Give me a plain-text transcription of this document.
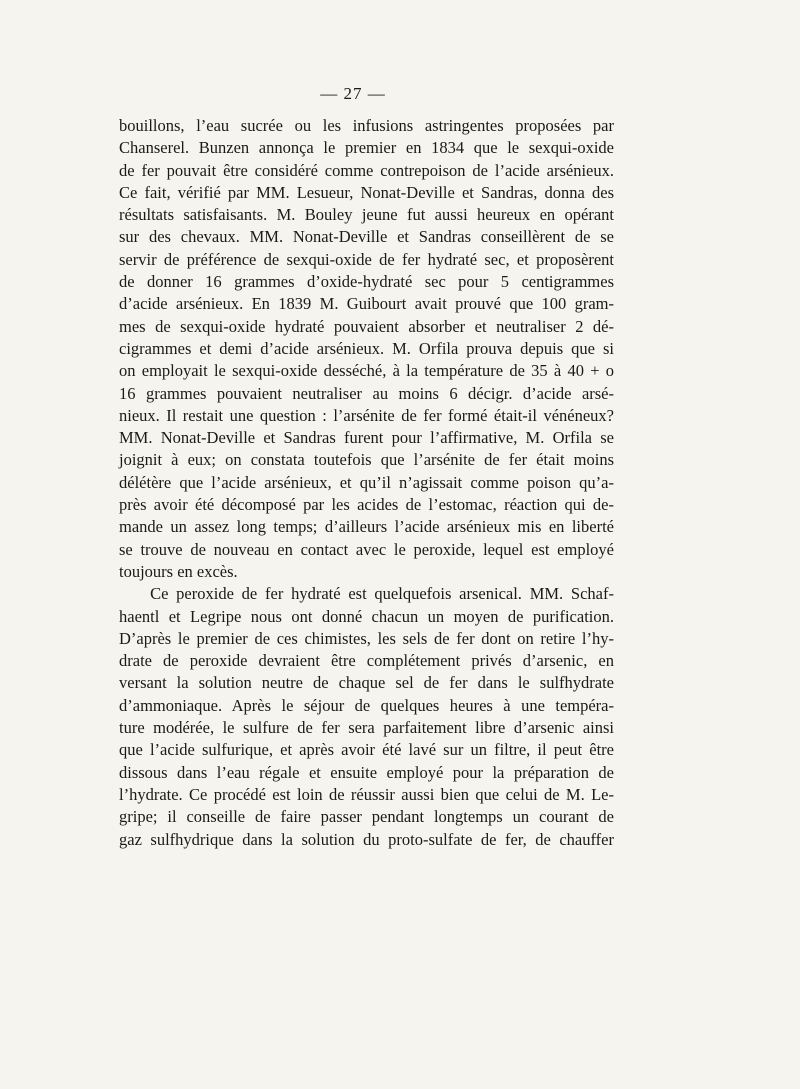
— 27 —
bouillons, l’eau sucrée ou les infusions astringentes proposées par
Chanserel. Bunzen annonça le premier en 1834 que le sexqui-oxide
de fer pouvait être considéré comme contrepoison de l’acide arsénieux.
Ce fait, vérifié par MM. Lesueur, Nonat-Deville et Sandras, donna des
résultats satisfaisants. M. Bouley jeune fut aussi heureux en opérant
sur des chevaux. MM. Nonat-Deville et Sandras conseillèrent de se
servir de préférence de sexqui-oxide de fer hydraté sec, et proposèrent
de donner 16 grammes d’oxide-hydraté sec pour 5 centigrammes
d’acide arsénieux. En 1839 M. Guibourt avait prouvé que 100 gram-
mes de sexqui-oxide hydraté pouvaient absorber et neutraliser 2 dé-
cigrammes et demi d’acide arsénieux. M. Orfila prouva depuis que si
on employait le sexqui-oxide desséché, à la température de 35 à 40 + o
16 grammes pouvaient neutraliser au moins 6 décigr. d’acide arsé-
nieux. Il restait une question : l’arsénite de fer formé était-il vénéneux?
MM. Nonat-Deville et Sandras furent pour l’affirmative, M. Orfila se
joignit à eux; on constata toutefois que l’arsénite de fer était moins
délétère que l’acide arsénieux, et qu’il n’agissait comme poison qu’a-
près avoir été décomposé par les acides de l’estomac, réaction qui de-
mande un assez long temps; d’ailleurs l’acide arsénieux mis en liberté
se trouve de nouveau en contact avec le peroxide, lequel est employé
toujours en excès.
Ce peroxide de fer hydraté est quelquefois arsenical. MM. Schaf-
haentl et Legripe nous ont donné chacun un moyen de purification.
D’après le premier de ces chimistes, les sels de fer dont on retire l’hy-
drate de peroxide devraient être complétement privés d’arsenic, en
versant la solution neutre de chaque sel de fer dans le sulfhydrate
d’ammoniaque. Après le séjour de quelques heures à une tempéra-
ture modérée, le sulfure de fer sera parfaitement libre d’arsenic ainsi
que l’acide sulfurique, et après avoir été lavé sur un filtre, il peut être
dissous dans l’eau régale et ensuite employé pour la préparation de
l’hydrate. Ce procédé est loin de réussir aussi bien que celui de M. Le-
gripe; il conseille de faire passer pendant longtemps un courant de
gaz sulfhydrique dans la solution du proto-sulfate de fer, de chauffer
